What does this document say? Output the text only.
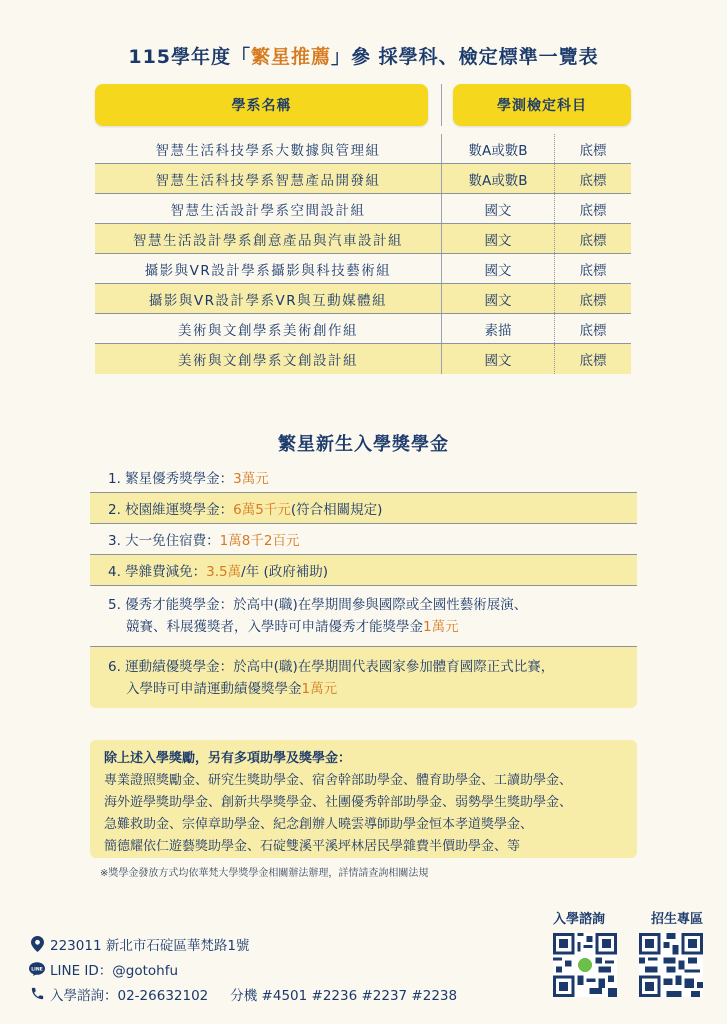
115學年度「繁星推薦」參 採學科、檢定標準一覽表
學系名稱	學測檢定科目
智慧生活科技學系大數據與管理組	數A或數B	底標
智慧生活科技學系智慧產品開發組	數A或數B	底標
智慧生活設計學系空間設計組	國文	底標
智慧生活設計學系創意產品與汽車設計組	國文	底標
攝影與VR設計學系攝影與科技藝術組	國文	底標
攝影與VR設計學系VR與互動媒體組	國文	底標
美術與文創學系美術創作組	素描	底標
美術與文創學系文創設計組	國文	底標
繁星新生入學獎學金
1. 繁星優秀獎學金： 3萬元
2. 校園維運獎學金： 6萬5千元 (符合相關規定)
3. 大一免住宿費： 1萬8千2百元
4. 學雜費減免： 3.5萬 /年 (政府補助)
5. 優秀才能獎學金：於高中(職)在學期間參與國際或全國性藝術展演、
競賽、科展獲獎者，入學時可申請優秀才能獎學金1萬元
6. 運動績優獎學金：於高中(職)在學期間代表國家參加體育國際正式比賽，
入學時可申請運動績優獎學金1萬元
除上述入學獎勵，另有多項助學及獎學金：
專業證照獎勵金、研究生獎助學金、宿舍幹部助學金、體育助學金、工讀助學金、
海外遊學獎助學金、創新共學獎學金、社團優秀幹部助學金、弱勢學生獎助學金、
急難救助金、宗倬章助學金、紀念創辦人曉雲導師助學金恒本孝道獎學金、
簡德耀依仁遊藝獎助學金、石碇雙溪平溪坪林居民學雜費半價助學金、等
※獎學金發放方式均依華梵大學獎學金相關辦法辦理，詳情請查詢相關法規
223011 新北市石碇區華梵路1號
LINE LINE ID：@gotohfu
入學諮詢：02-26632102 分機 #4501 #2236 #2237 #2238
入學諮詢	招生專區
